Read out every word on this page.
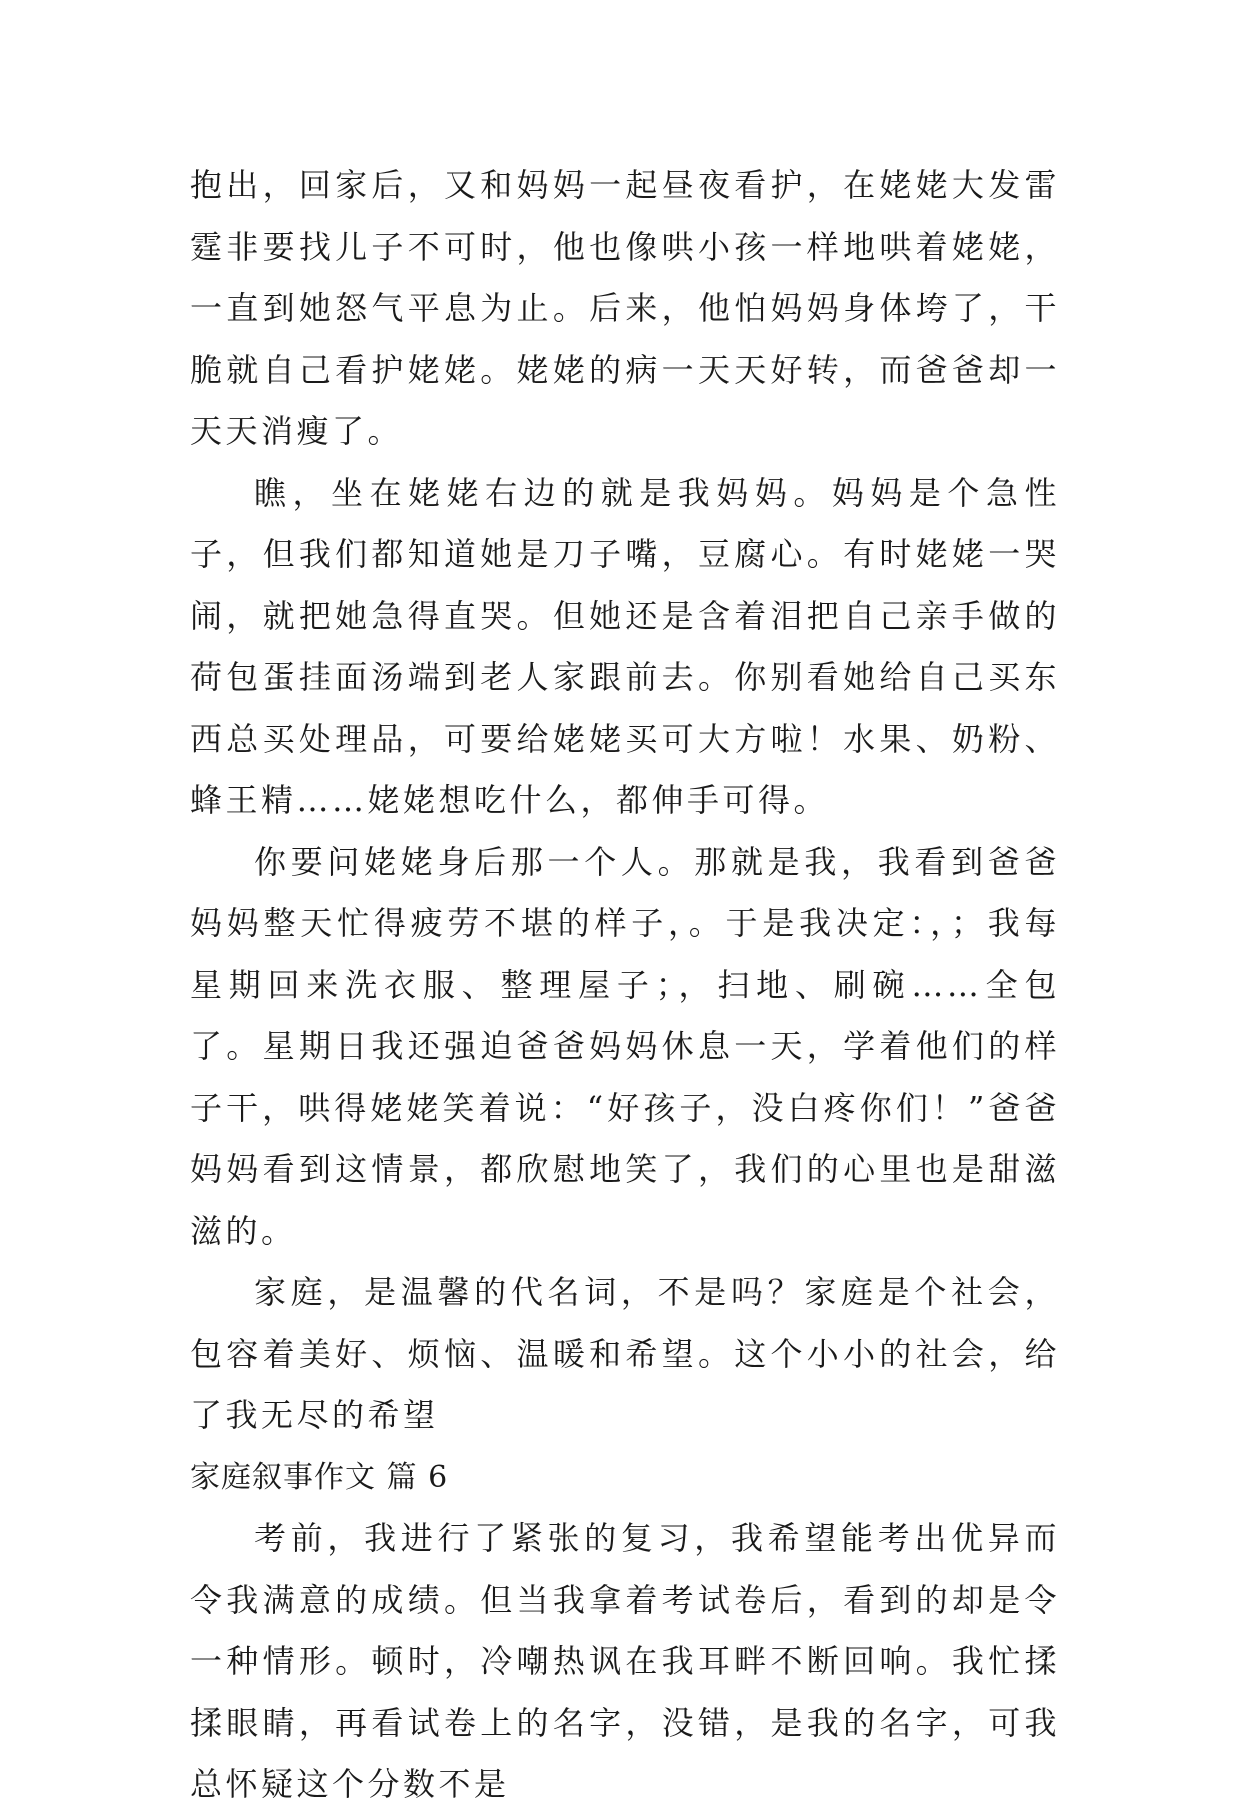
抱出，回家后，又和妈妈一起昼夜看护，在姥姥大发雷霆非要找儿子不可时，他也像哄小孩一样地哄着姥姥，一直到她怒气平息为止。后来，他怕妈妈身体垮了，干脆就自己看护姥姥。姥姥的病一天天好转，而爸爸却一天天消瘦了。

瞧，坐在姥姥右边的就是我妈妈。妈妈是个急性子，但我们都知道她是刀子嘴，豆腐心。有时姥姥一哭闹，就把她急得直哭。但她还是含着泪把自己亲手做的荷包蛋挂面汤端到老人家跟前去。你别看她给自己买东西总买处理品，可要给姥姥买可大方啦！水果、奶粉、蜂王精……姥姥想吃什么，都伸手可得。

你要问姥姥身后那一个人。那就是我，我看到爸爸妈妈整天忙得疲劳不堪的样子，。于是我决定：，；我每星期回来洗衣服、整理屋子；，扫地、刷碗……全包了。星期日我还强迫爸爸妈妈休息一天，学着他们的样子干，哄得姥姥笑着说：“好孩子，没白疼你们！”爸爸妈妈看到这情景，都欣慰地笑了，我们的心里也是甜滋滋的。

家庭，是温馨的代名词，不是吗？家庭是个社会，包容着美好、烦恼、温暖和希望。这个小小的社会，给了我无尽的希望

家庭叙事作文 篇 6

考前，我进行了紧张的复习，我希望能考出优异而令我满意的成绩。但当我拿着考试卷后，看到的却是令一种情形。顿时，冷嘲热讽在我耳畔不断回响。我忙揉揉眼睛，再看试卷上的名字，没错，是我的名字，可我总怀疑这个分数不是
